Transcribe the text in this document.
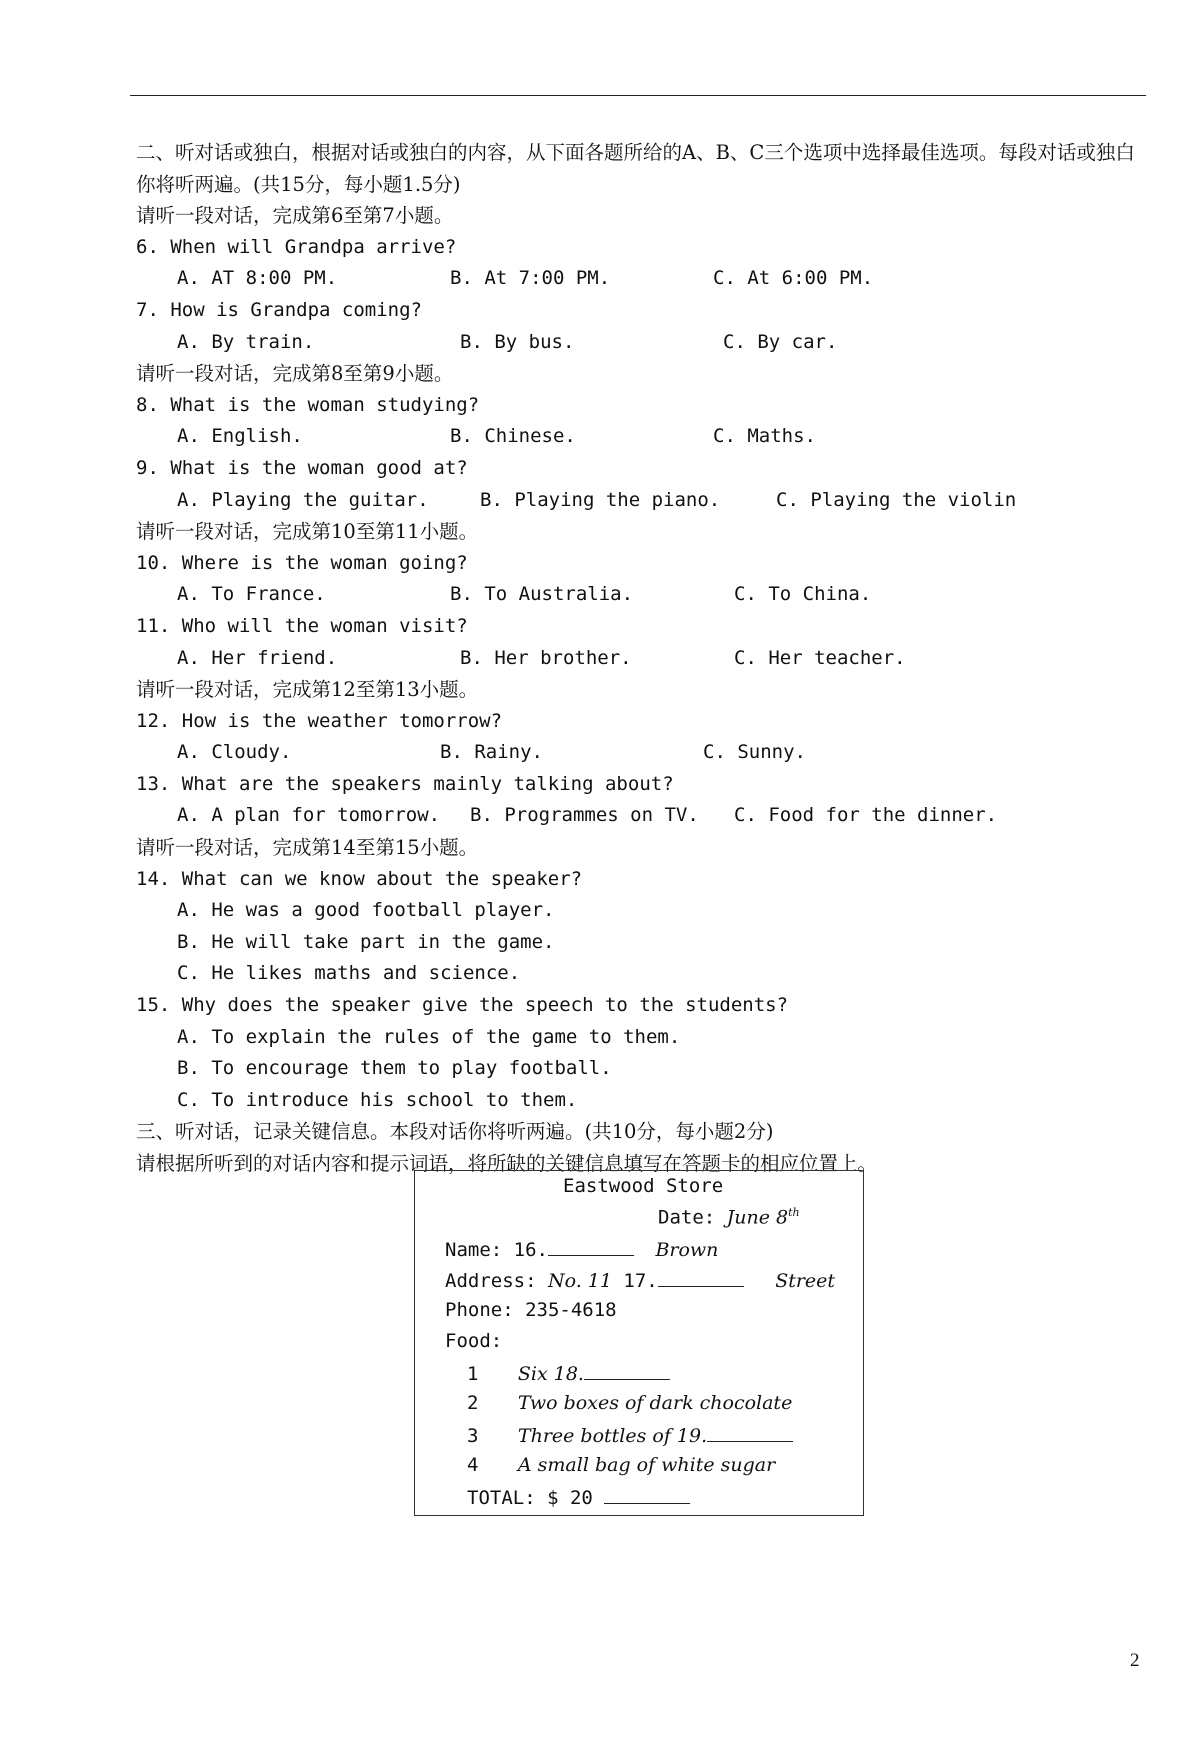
二、听对话或独白，根据对话或独白的内容，从下面各题所给的A、B、C三个选项中选择最佳选项。每段对话或独白你将听两遍。(共15分，每小题1.5分)
请听一段对话，完成第6至第7小题。
6. When will Grandpa arrive?
A. AT 8:00 PM.	B. At 7:00 PM.	C. At 6:00 PM.
7. How is Grandpa coming?
A. By train.	B. By bus.	C. By car.
请听一段对话，完成第8至第9小题。
8. What is the woman studying?
A. English.	B. Chinese.	C. Maths.
9. What is the woman good at?
A. Playing the guitar.	B. Playing the piano.	C. Playing the violin
请听一段对话，完成第10至第11小题。
10. Where is the woman going?
A. To France.	B. To Australia.	C. To China.
11. Who will the woman visit?
A. Her friend.	B. Her brother.	C. Her teacher.
请听一段对话，完成第12至第13小题。
12. How is the weather tomorrow?
A. Cloudy.	B. Rainy.	C. Sunny.
13. What are the speakers mainly talking about?
A. A plan for tomorrow. B. Programmes on TV. C. Food for the dinner.
请听一段对话，完成第14至第15小题。
14. What can we know about the speaker?
A. He was a good football player.
B. He will take part in the game.
C. He likes maths and science.
15. Why does the speaker give the speech to the students?
A. To explain the rules of the game to them.
B. To encourage them to play football.
C. To introduce his school to them.
三、听对话，记录关键信息。本段对话你将听两遍。(共10分，每小题2分)
请根据所听到的对话内容和提示词语，将所缺的关键信息填写在答题卡的相应位置上。
Eastwood Store
Date: June 8th
Name: 16.	Brown
Address: No. 11 17.	Street
Phone: 235-4618
Food:
1 Six 18.
2 Two boxes of dark chocolate
3 Three bottles of 19.
4 A small bag of white sugar
TOTAL: $ 20
2
